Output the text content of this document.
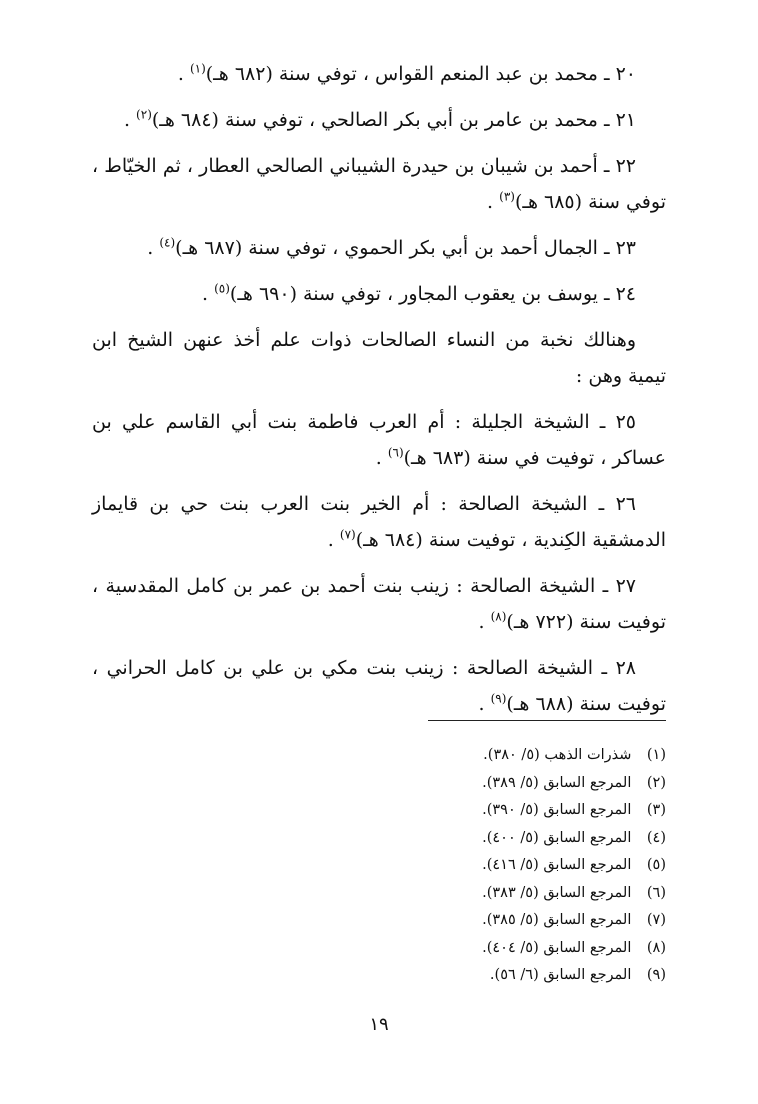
٢٠ ـ محمد بن عبد المنعم القواس ، توفي سنة (٦٨٢ هـ)$^{(١)}$ .

٢١ ـ محمد بن عامر بن أبي بكر الصالحي ، توفي سنة (٦٨٤ هـ)$^{(٢)}$ .

٢٢ ـ أحمد بن شيبان بن حيدرة الشيباني الصالحي العطار ، ثم الخيّاط ، توفي سنة (٦٨٥ هـ)$^{(٣)}$ .

٢٣ ـ الجمال أحمد بن أبي بكر الحموي ، توفي سنة (٦٨٧ هـ)$^{(٤)}$ .

٢٤ ـ يوسف بن يعقوب المجاور ، توفي سنة (٦٩٠ هـ)$^{(٥)}$ .

وهنالك نخبة من النساء الصالحات ذوات علم أخذ عنهن الشيخ ابن تيمية وهن :

٢٥ ـ الشيخة الجليلة : أم العرب فاطمة بنت أبي القاسم علي بن عساكر ، توفيت في سنة (٦٨٣ هـ)$^{(٦)}$ .

٢٦ ـ الشيخة الصالحة : أم الخير بنت العرب بنت حي بن قايماز الدمشقية الكِندية ، توفيت سنة (٦٨٤ هـ)$^{(٧)}$ .

٢٧ ـ الشيخة الصالحة : زينب بنت أحمد بن عمر بن كامل المقدسية ، توفيت سنة (٧٢٢ هـ)$^{(٨)}$ .

٢٨ ـ الشيخة الصالحة : زينب بنت مكي بن علي بن كامل الحراني ، توفيت سنة (٦٨٨ هـ)$^{(٩)}$ .

(١) شذرات الذهب (٥/ ٣٨٠).
(٢) المرجع السابق (٥/ ٣٨٩).
(٣) المرجع السابق (٥/ ٣٩٠).
(٤) المرجع السابق (٥/ ٤٠٠).
(٥) المرجع السابق (٥/ ٤١٦).
(٦) المرجع السابق (٥/ ٣٨٣).
(٧) المرجع السابق (٥/ ٣٨٥).
(٨) المرجع السابق (٥/ ٤٠٤).
(٩) المرجع السابق (٦/ ٥٦).
١٩
